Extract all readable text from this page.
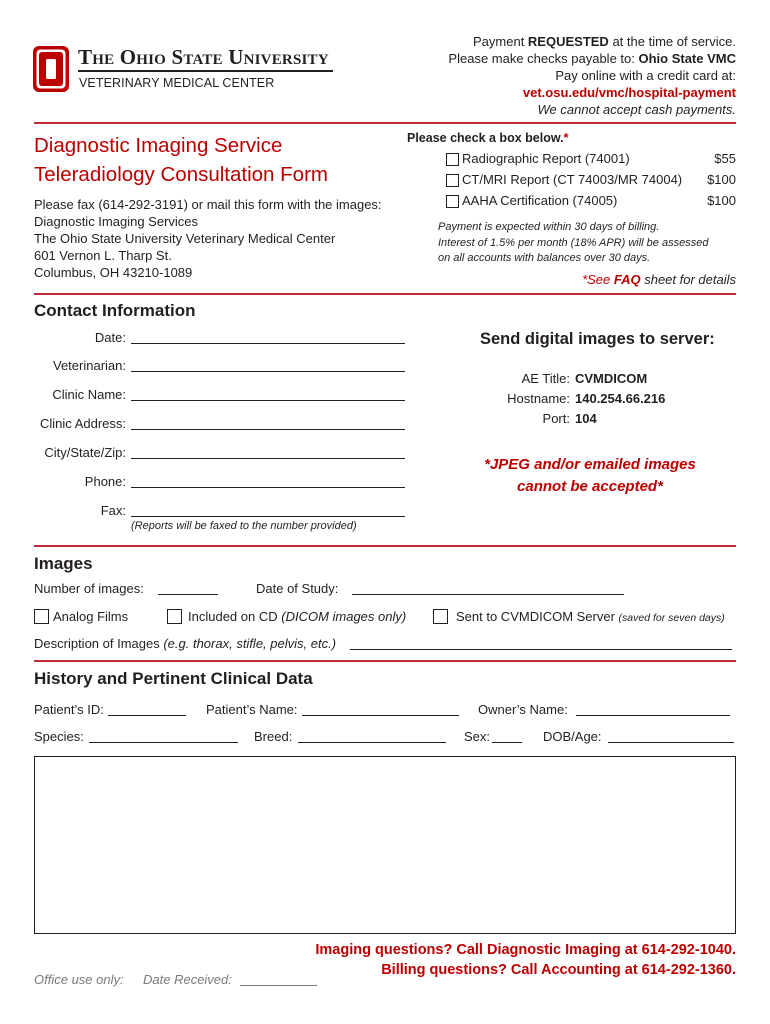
The Ohio State University
VETERINARY MEDICAL CENTER
Payment REQUESTED at the time of service.
Please make checks payable to: Ohio State VMC
Pay online with a credit card at:
vet.osu.edu/vmc/hospital-payment
We cannot accept cash payments.
Diagnostic Imaging Service
Teleradiology Consultation Form
Please fax (614-292-3191) or mail this form with the images:
Diagnostic Imaging Services
The Ohio State University Veterinary Medical Center
601 Vernon L. Tharp St.
Columbus, OH 43210-1089
Please check a box below.*
Radiographic Report (74001)	$55
CT/MRI Report (CT 74003/MR 74004) $100
AAHA Certification (74005)	$100
Payment is expected within 30 days of billing.
Interest of 1.5% per month (18% APR) will be assessed
on all accounts with balances over 30 days.
*See FAQ sheet for details
Contact Information
Date:
Veterinarian:
Clinic Name:
Clinic Address:
City/State/Zip:
Phone:
Fax:
(Reports will be faxed to the number provided)
Send digital images to server:
AE Title: CVMDICOM
Hostname: 140.254.66.216
Port: 104
*JPEG and/or emailed images
cannot be accepted*
Images
Number of images:	Date of Study:
Analog Films	Included on CD (DICOM images only)	Sent to CVMDICOM Server (saved for seven days)
Description of Images (e.g. thorax, stifle, pelvis, etc.)
History and Pertinent Clinical Data
Patient’s ID:	Patient’s Name:	Owner’s Name:
Species:	Breed:	Sex:	DOB/Age:
Imaging questions? Call Diagnostic Imaging at 614-292-1040.
Billing questions? Call Accounting at 614-292-1360.
Office use only: Date Received:
